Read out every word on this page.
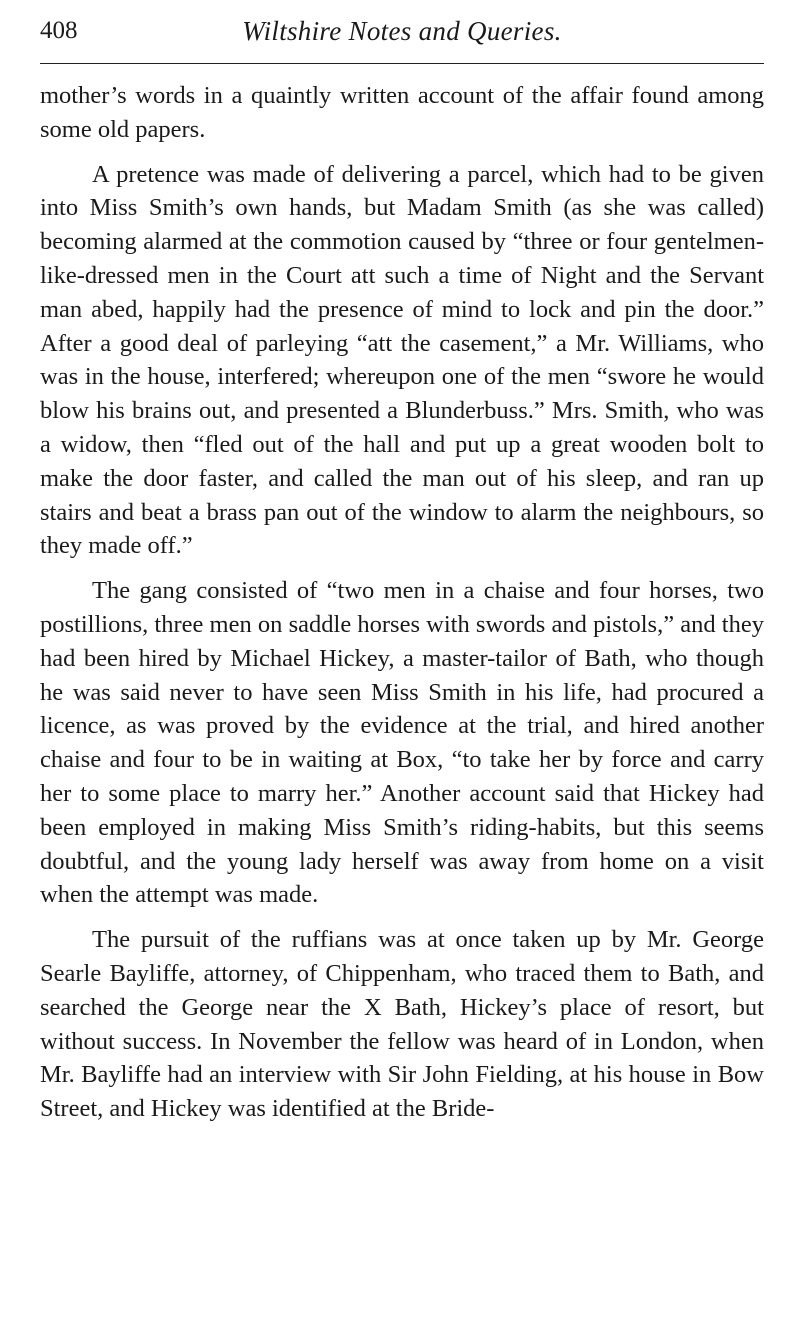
408	Wiltshire Notes and Queries.

mother’s words in a quaintly written account of the affair found among some old papers.

A pretence was made of delivering a parcel, which had to be given into Miss Smith’s own hands, but Madam Smith (as she was called) becoming alarmed at the commotion caused by “three or four gentelmen-like-dressed men in the Court att such a time of Night and the Servant man abed, happily had the presence of mind to lock and pin the door.” After a good deal of parleying “att the casement,” a Mr. Williams, who was in the house, interfered; whereupon one of the men “swore he would blow his brains out, and presented a Blunderbuss.” Mrs. Smith, who was a widow, then “fled out of the hall and put up a great wooden bolt to make the door faster, and called the man out of his sleep, and ran up stairs and beat a brass pan out of the window to alarm the neighbours, so they made off.”

The gang consisted of “two men in a chaise and four horses, two postillions, three men on saddle horses with swords and pistols,” and they had been hired by Michael Hickey, a master-tailor of Bath, who though he was said never to have seen Miss Smith in his life, had procured a licence, as was proved by the evidence at the trial, and hired another chaise and four to be in waiting at Box, “to take her by force and carry her to some place to marry her.” Another account said that Hickey had been employed in making Miss Smith’s riding-habits, but this seems doubtful, and the young lady herself was away from home on a visit when the attempt was made.

The pursuit of the ruffians was at once taken up by Mr. George Searle Bayliffe, attorney, of Chippenham, who traced them to Bath, and searched the George near the X Bath, Hickey’s place of resort, but without success. In November the fellow was heard of in London, when Mr. Bayliffe had an interview with Sir John Fielding, at his house in Bow Street, and Hickey was identified at the Bride-
